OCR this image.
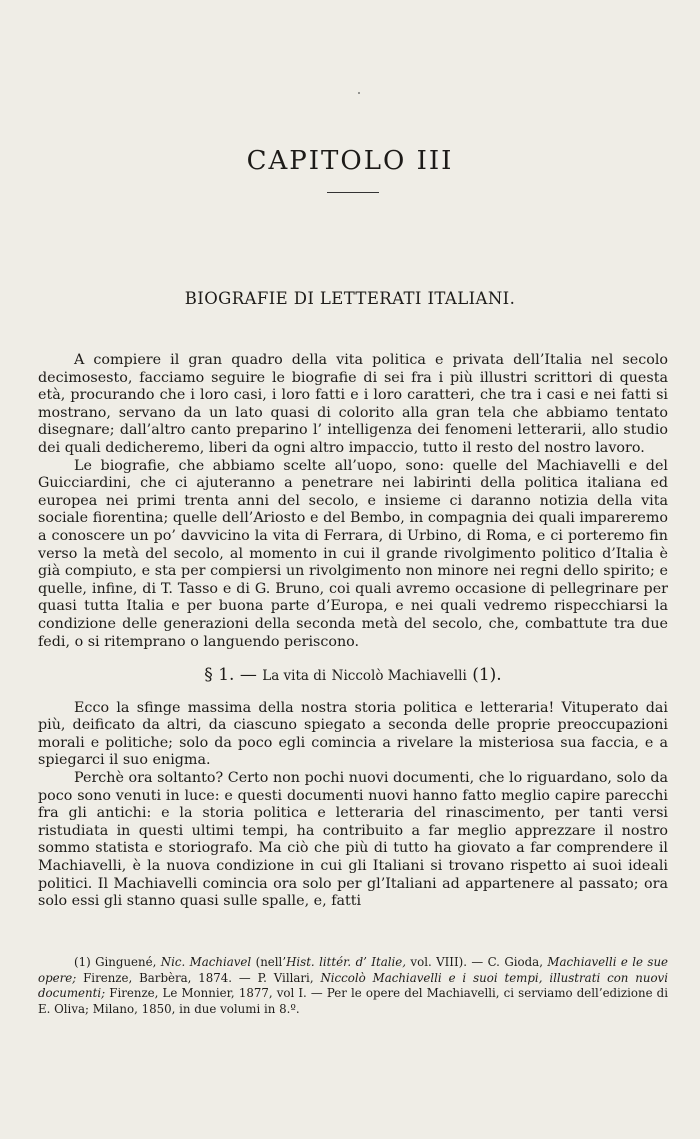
CAPITOLO III
BIOGRAFIE DI LETTERATI ITALIANI.

A compiere il gran quadro della vita politica e privata dell’Italia nel secolo decimosesto, facciamo seguire le biografie di sei fra i più illustri scrittori di questa età, procurando che i loro casi, i loro fatti e i loro caratteri, che tra i casi e nei fatti si mostrano, servano da un lato quasi di colorito alla gran tela che abbiamo tentato disegnare; dall’altro canto preparino l’ intelligenza dei fenomeni letterarii, allo studio dei quali dedicheremo, liberi da ogni altro impaccio, tutto il resto del nostro lavoro.

Le biografie, che abbiamo scelte all’uopo, sono: quelle del Machiavelli e del Guicciardini, che ci ajuteranno a penetrare nei labirinti della politica italiana ed europea nei primi trenta anni del secolo, e insieme ci daranno notizia della vita sociale fiorentina; quelle dell’Ariosto e del Bembo, in compagnia dei quali impareremo a conoscere un po’ davvicino la vita di Ferrara, di Urbino, di Roma, e ci porteremo fin verso la metà del secolo, al momento in cui il grande rivolgimento politico d’Italia è già compiuto, e sta per compiersi un rivolgimento non minore nei regni dello spirito; e quelle, infine, di T. Tasso e di G. Bruno, coi quali avremo occasione di pellegrinare per quasi tutta Italia e per buona parte d’Europa, e nei quali vedremo rispecchiarsi la condizione delle generazioni della seconda metà del secolo, che, combattute tra due fedi, o si ritemprano o languendo periscono.

§ 1. — La vita di Niccolò Machiavelli (1).

Ecco la sfinge massima della nostra storia politica e letteraria! Vituperato dai più, deificato da altri, da ciascuno spiegato a seconda delle proprie preoccupazioni morali e politiche; solo da poco egli comincia a rivelare la misteriosa sua faccia, e a spiegarci il suo enigma.

Perchè ora soltanto? Certo non pochi nuovi documenti, che lo riguardano, solo da poco sono venuti in luce: e questi documenti nuovi hanno fatto meglio capire parecchi fra gli antichi: e la storia politica e letteraria del rinascimento, per tanti versi ristudiata in questi ultimi tempi, ha contribuito a far meglio apprezzare il nostro sommo statista e storiografo. Ma ciò che più di tutto ha giovato a far comprendere il Machiavelli, è la nuova condizione in cui gli Italiani si trovano rispetto ai suoi ideali politici. Il Machiavelli comincia ora solo per gl’Italiani ad appartenere al passato; ora solo essi gli stanno quasi sulle spalle, e, fatti

(1) Ginguené, Nic. Machiavel (nell’Hist. littér. d’ Italie, vol. VIII). — C. Gioda, Machiavelli e le sue opere; Firenze, Barbèra, 1874. — P. Villari, Niccolò Machiavelli e i suoi tempi, illustrati con nuovi documenti; Firenze, Le Monnier, 1877, vol I. — Per le opere del Machiavelli, ci serviamo dell’edizione di E. Oliva; Milano, 1850, in due volumi in 8.º.
